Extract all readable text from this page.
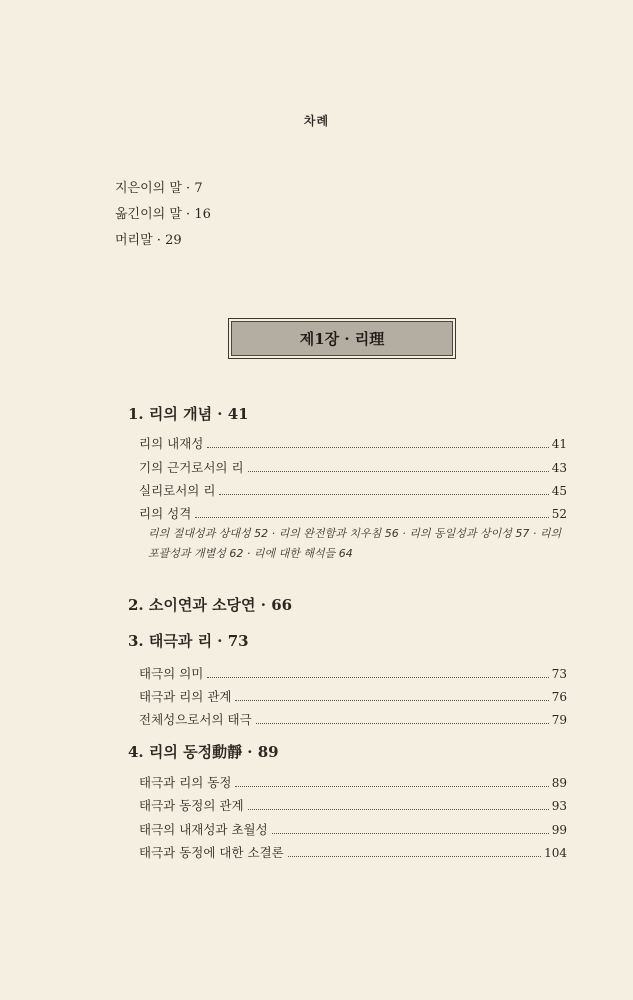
차례
지은이의 말 · 7
옮긴이의 말 · 16
머리말 · 29
제1장 · 리理
1. 리의 개념 · 41
리의 내재성	41
기의 근거로서의 리	43
실리로서의 리	45
리의 성격	52
리의 절대성과 상대성 52 · 리의 완전함과 치우침 56 · 리의 동일성과 상이성 57 · 리의
포괄성과 개별성 62 · 리에 대한 해석들 64
2. 소이연과 소당연 · 66
3. 태극과 리 · 73
태극의 의미	73
태극과 리의 관계	76
전체성으로서의 태극	79
4. 리의 동정動靜 · 89
태극과 리의 동정	89
태극과 동정의 관계	93
태극의 내재성과 초월성	99
태극과 동정에 대한 소결론	104
